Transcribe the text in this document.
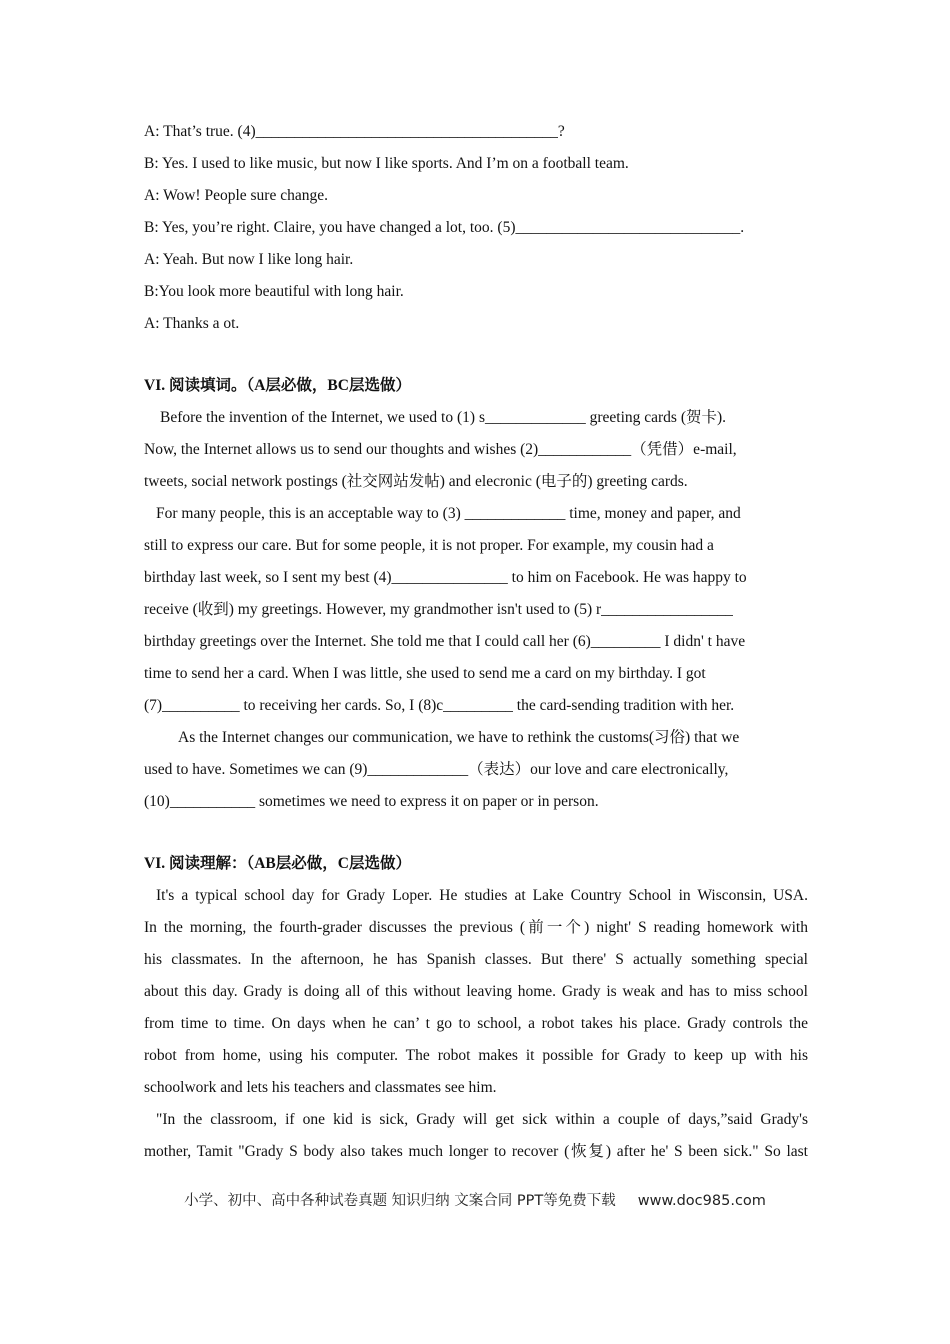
A: That’s true. (4)_______________________________________?
B: Yes. I used to like music, but now I like sports. And I’m on a football team.
A: Wow! People sure change.
B: Yes, you’re right. Claire, you have changed a lot, too. (5)_____________________________.
A: Yeah. But now I like long hair.
B:You look more beautiful with long hair.
A: Thanks a ot.
VI. 阅读填词。（A层必做，BC层选做）
Before the invention of the Internet, we used to (1) s_____________ greeting cards (贺卡).
Now, the Internet allows us to send our thoughts and wishes (2)____________（凭借）e-mail,
tweets, social network postings (社交网站发帖) and elecronic (电子的) greeting cards.
For many people, this is an acceptable way to (3) _____________ time, money and paper, and
still to express our care. But for some people, it is not proper. For example, my cousin had a
birthday last week, so I sent my best (4)_______________ to him on Facebook. He was happy to
receive (收到) my greetings. However, my grandmother isn't used to (5) r_________________
birthday greetings over the Internet. She told me that I could call her (6)_________ I didn' t have
time to send her a card. When I was little, she used to send me a card on my birthday. I got
(7)__________ to receiving her cards. So, I (8)c_________ the card-sending tradition with her.
As the Internet changes our communication, we have to rethink the customs(习俗) that we
used to have. Sometimes we can (9)_____________（表达）our love and care electronically,
(10)___________ sometimes we need to express it on paper or in person.
VI. 阅读理解：（AB层必做，C层选做）
It's a typical school day for Grady Loper. He studies at Lake Country School in Wisconsin, USA.
In the morning, the fourth-grader discusses the previous (前一个) night' S reading homework with
his classmates. In the afternoon, he has Spanish classes. But there' S actually something special
about this day. Grady is doing all of this without leaving home. Grady is weak and has to miss school
from time to time. On days when he can’ t go to school, a robot takes his place. Grady controls the
robot from home, using his computer. The robot makes it possible for Grady to keep up with his
schoolwork and lets his teachers and classmates see him.
"In the classroom, if one kid is sick, Grady will get sick within a couple of days,”said Grady's
mother, Tamit "Grady S body also takes much longer to recover (恢复) after he' S been sick." So last
小学、初中、高中各种试卷真题 知识归纳 文案合同 PPT等免费下载 www.doc985.com
